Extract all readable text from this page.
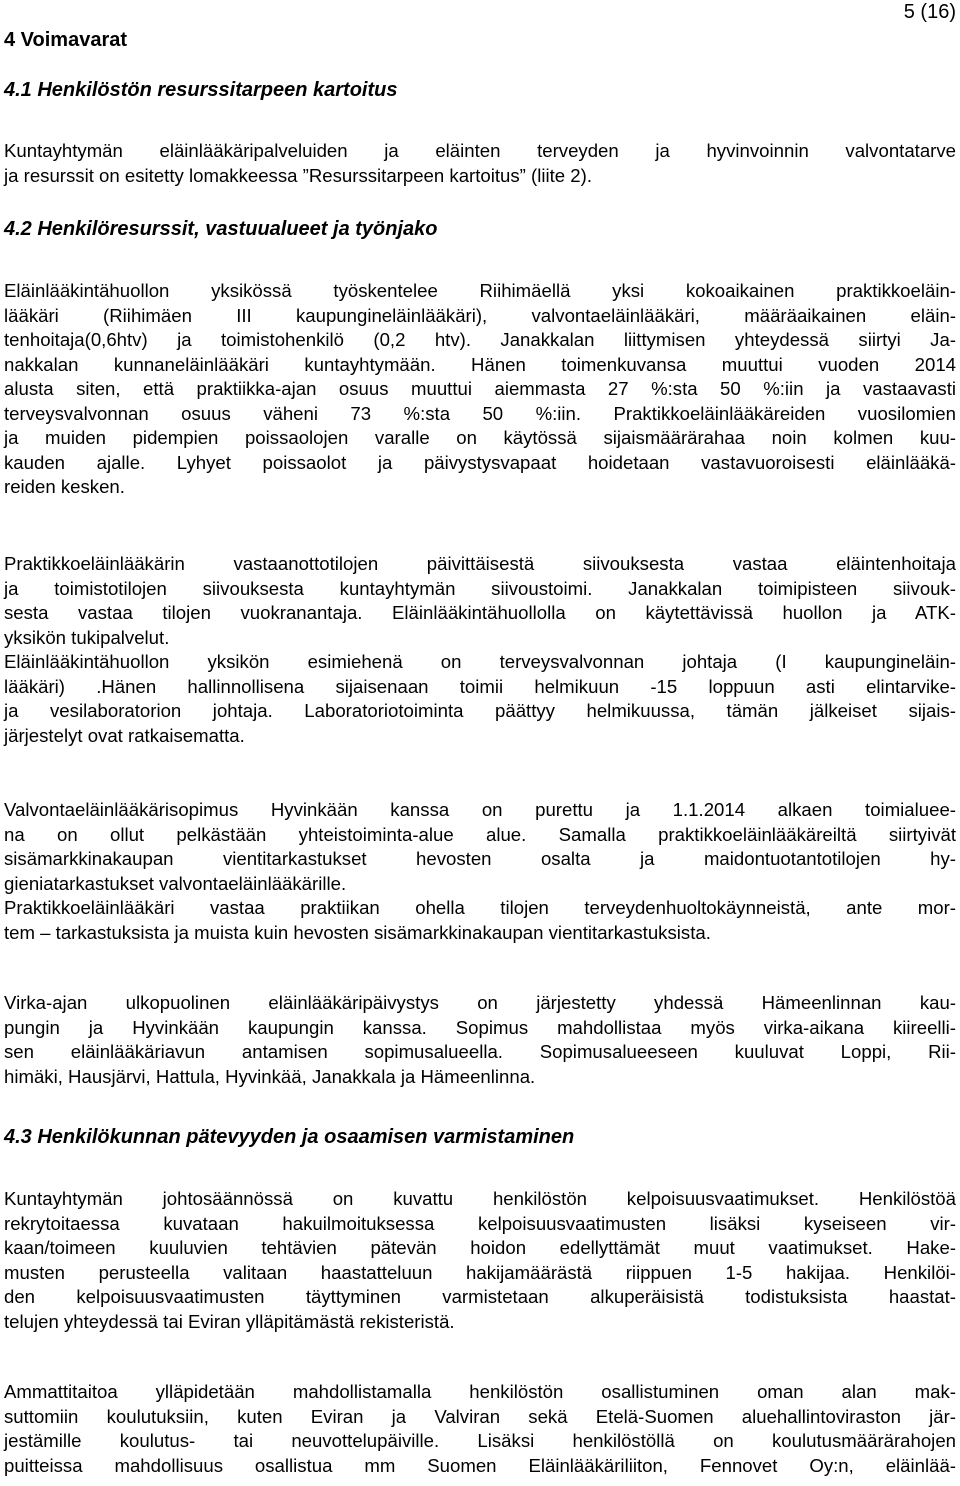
5 (16)
4 Voimavarat
4.1 Henkilöstön resurssitarpeen kartoitus
Kuntayhtymän eläinlääkäripalveluiden ja eläinten terveyden ja hyvinvoinnin valvontatarve
ja resurssit on esitetty lomakkeessa ”Resurssitarpeen kartoitus” (liite 2).
4.2 Henkilöresurssit, vastuualueet ja työnjako
Eläinlääkintähuollon yksikössä työskentelee Riihimäellä yksi kokoaikainen praktikkoeläin-
lääkäri (Riihimäen III kaupungineläinlääkäri), valvontaeläinlääkäri, määräaikainen eläin-
tenhoitaja(0,6htv) ja toimistohenkilö (0,2 htv). Janakkalan liittymisen yhteydessä siirtyi Ja-
nakkalan kunnaneläinlääkäri kuntayhtymään. Hänen toimenkuvansa muuttui vuoden 2014
alusta siten, että praktiikka-ajan osuus muuttui aiemmasta 27 %:sta 50 %:iin ja vastaavasti
terveysvalvonnan osuus väheni 73 %:sta 50 %:iin. Praktikkoeläinlääkäreiden vuosilomien
ja muiden pidempien poissaolojen varalle on käytössä sijaismäärärahaa noin kolmen kuu-
kauden ajalle. Lyhyet poissaolot ja päivystysvapaat hoidetaan vastavuoroisesti eläinlääkä-
reiden kesken.
Praktikkoeläinlääkärin vastaanottotilojen päivittäisestä siivouksesta vastaa eläintenhoitaja
ja toimistotilojen siivouksesta kuntayhtymän siivoustoimi. Janakkalan toimipisteen siivouk-
sesta vastaa tilojen vuokranantaja. Eläinlääkintähuollolla on käytettävissä huollon ja ATK-
yksikön tukipalvelut.
Eläinlääkintähuollon yksikön esimiehenä on terveysvalvonnan johtaja (I kaupungineläin-
lääkäri) .Hänen hallinnollisena sijaisenaan toimii helmikuun -15 loppuun asti elintarvike-
ja vesilaboratorion johtaja. Laboratoriotoiminta päättyy helmikuussa, tämän jälkeiset sijais-
järjestelyt ovat ratkaisematta.
Valvontaeläinlääkärisopimus Hyvinkään kanssa on purettu ja 1.1.2014 alkaen toimialuee-
na on ollut pelkästään yhteistoiminta-alue alue. Samalla praktikkoeläinlääkäreiltä siirtyivät
sisämarkkinakaupan vientitarkastukset hevosten osalta ja maidontuotantotilojen hy-
gieniatarkastukset valvontaeläinlääkärille.
Praktikkoeläinlääkäri vastaa praktiikan ohella tilojen terveydenhuoltokäynneistä, ante mor-
tem – tarkastuksista ja muista kuin hevosten sisämarkkinakaupan vientitarkastuksista.
Virka-ajan ulkopuolinen eläinlääkäripäivystys on järjestetty yhdessä Hämeenlinnan kau-
pungin ja Hyvinkään kaupungin kanssa. Sopimus mahdollistaa myös virka-aikana kiireelli-
sen eläinlääkäriavun antamisen sopimusalueella. Sopimusalueeseen kuuluvat Loppi, Rii-
himäki, Hausjärvi, Hattula, Hyvinkää, Janakkala ja Hämeenlinna.
4.3 Henkilökunnan pätevyyden ja osaamisen varmistaminen
Kuntayhtymän johtosäännössä on kuvattu henkilöstön kelpoisuusvaatimukset. Henkilöstöä
rekrytoitaessa kuvataan hakuilmoituksessa kelpoisuusvaatimusten lisäksi kyseiseen vir-
kaan/toimeen kuuluvien tehtävien pätevän hoidon edellyttämät muut vaatimukset. Hake-
musten perusteella valitaan haastatteluun hakijamäärästä riippuen 1-5 hakijaa. Henkilöi-
den kelpoisuusvaatimusten täyttyminen varmistetaan alkuperäisistä todistuksista haastat-
telujen yhteydessä tai Eviran ylläpitämästä rekisteristä.
Ammattitaitoa ylläpidetään mahdollistamalla henkilöstön osallistuminen oman alan mak-
suttomiin koulutuksiin, kuten Eviran ja Valviran sekä Etelä-Suomen aluehallintoviraston jär-
jestämille koulutus- tai neuvottelupäiville. Lisäksi henkilöstöllä on koulutusmäärärahojen
puitteissa mahdollisuus osallistua mm Suomen Eläinlääkäriliiton, Fennovet Oy:n, eläinlää-
